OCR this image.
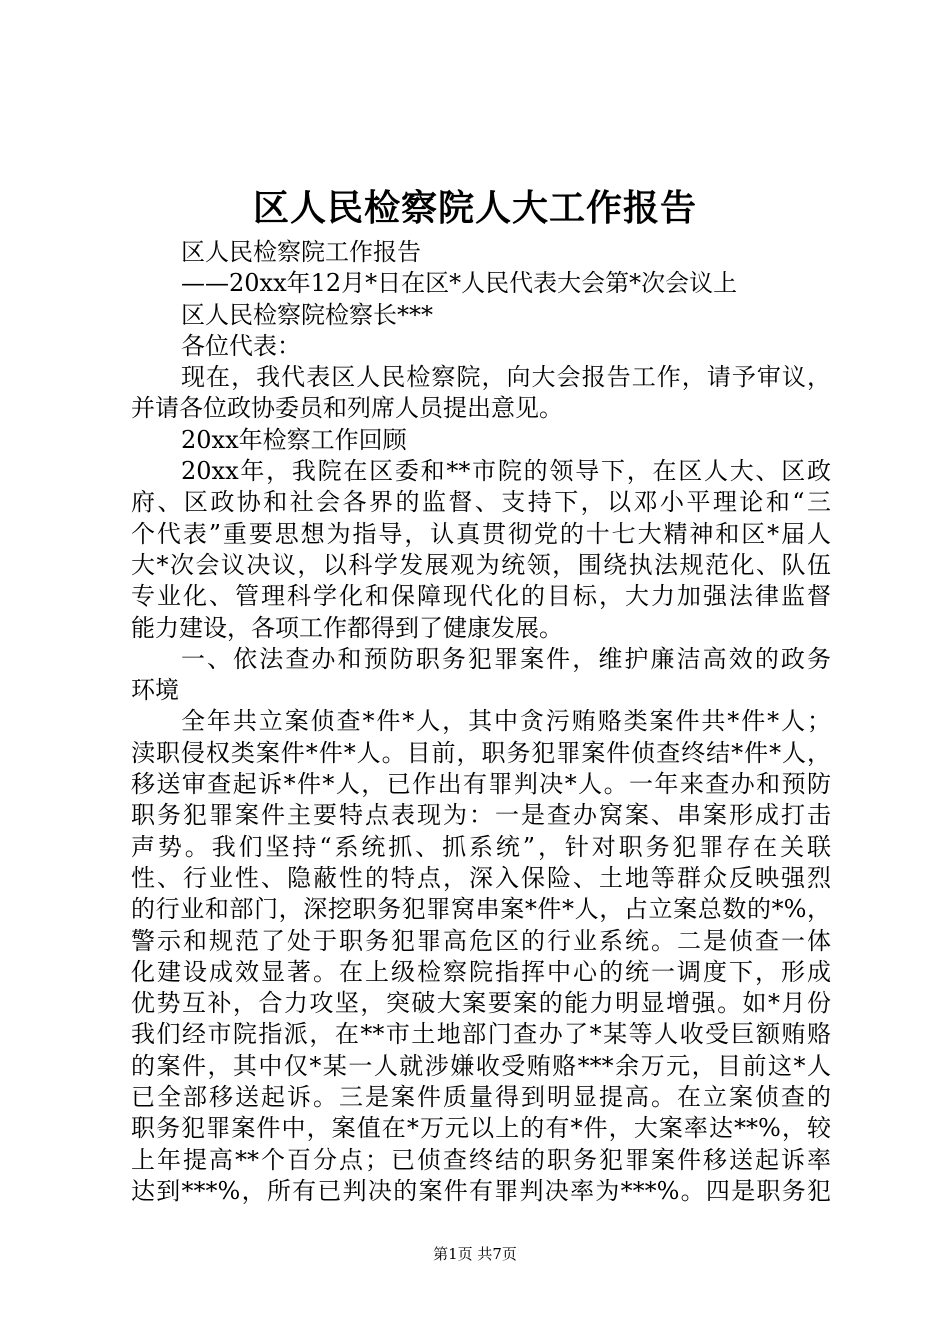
区人民检察院人大工作报告
区人民检察院工作报告
——20xx年12月*日在区*人民代表大会第*次会议上
区人民检察院检察长***
各位代表：
现在，我代表区人民检察院，向大会报告工作，请予审议，
并请各位政协委员和列席人员提出意见。
20xx年检察工作回顾
20xx年，我院在区委和**市院的领导下，在区人大、区政
府、区政协和社会各界的监督、支持下，以邓小平理论和“三
个代表”重要思想为指导，认真贯彻党的十七大精神和区*届人
大*次会议决议，以科学发展观为统领，围绕执法规范化、队伍
专业化、管理科学化和保障现代化的目标，大力加强法律监督
能力建设，各项工作都得到了健康发展。
一、依法查办和预防职务犯罪案件，维护廉洁高效的政务
环境
全年共立案侦查*件*人，其中贪污贿赂类案件共*件*人；
渎职侵权类案件*件*人。目前，职务犯罪案件侦查终结*件*人，
移送审查起诉*件*人，已作出有罪判决*人。一年来查办和预防
职务犯罪案件主要特点表现为：一是查办窝案、串案形成打击
声势。我们坚持“系统抓、抓系统”，针对职务犯罪存在关联
性、行业性、隐蔽性的特点，深入保险、土地等群众反映强烈
的行业和部门，深挖职务犯罪窝串案*件*人，占立案总数的*%，
警示和规范了处于职务犯罪高危区的行业系统。二是侦查一体
化建设成效显著。在上级检察院指挥中心的统一调度下，形成
优势互补，合力攻坚，突破大案要案的能力明显增强。如*月份
我们经市院指派，在**市土地部门查办了*某等人收受巨额贿赂
的案件，其中仅*某一人就涉嫌收受贿赂***余万元，目前这*人
已全部移送起诉。三是案件质量得到明显提高。在立案侦查的
职务犯罪案件中，案值在*万元以上的有*件，大案率达**%，较
上年提高**个百分点；已侦查终结的职务犯罪案件移送起诉率
达到***%，所有已判决的案件有罪判决率为***%。四是职务犯
第1页 共7页
